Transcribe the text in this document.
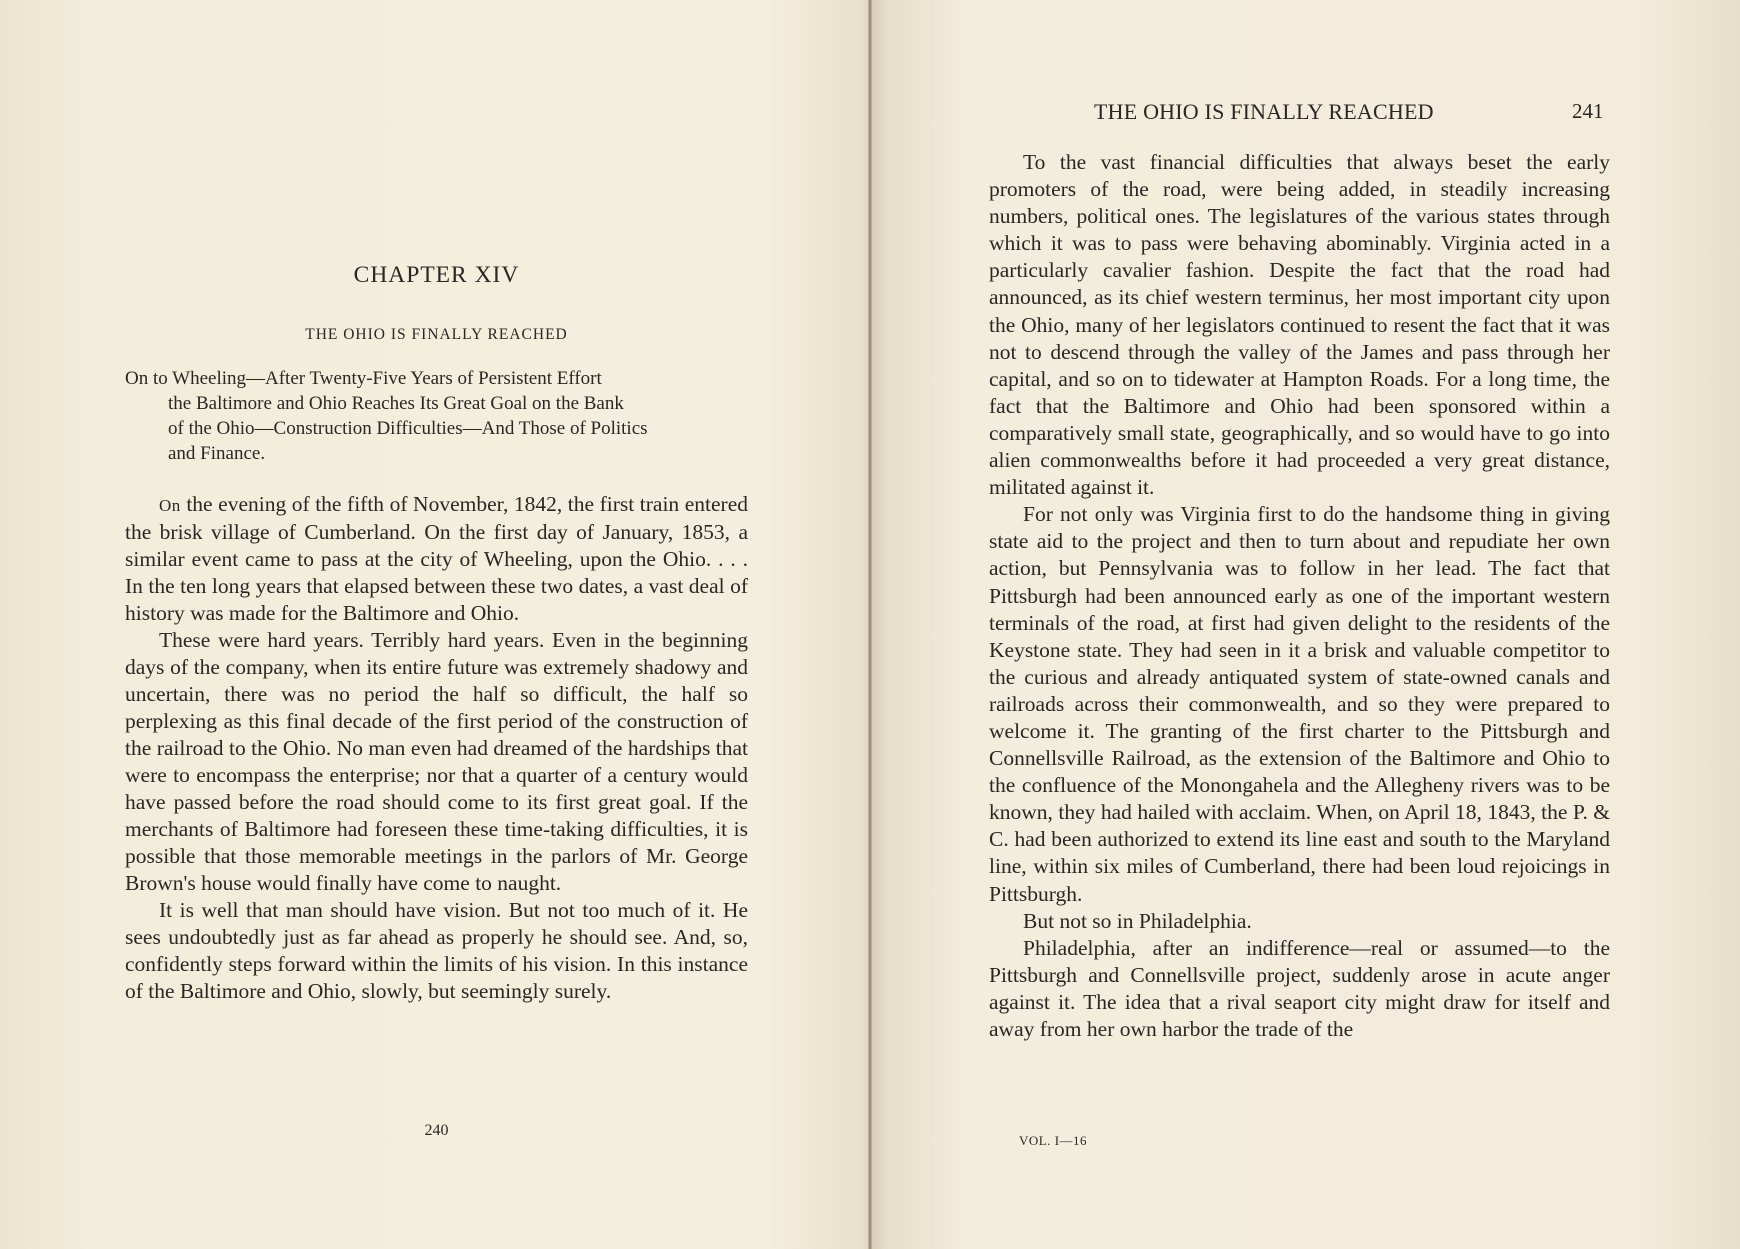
CHAPTER XIV
THE OHIO IS FINALLY REACHED
On to Wheeling—After Twenty-Five Years of Persistent Effort
the Baltimore and Ohio Reaches Its Great Goal on the Bank
of the Ohio—Construction Difficulties—And Those of Politics
and Finance.

On the evening of the fifth of November, 1842, the first train entered the brisk village of Cumberland. On the first day of January, 1853, a similar event came to pass at the city of Wheeling, upon the Ohio. . . . In the ten long years that elapsed between these two dates, a vast deal of history was made for the Baltimore and Ohio.

These were hard years. Terribly hard years. Even in the beginning days of the company, when its entire future was extremely shadowy and uncertain, there was no period the half so difficult, the half so perplexing as this final decade of the first period of the construction of the railroad to the Ohio. No man even had dreamed of the hardships that were to encompass the enterprise; nor that a quarter of a century would have passed before the road should come to its first great goal. If the merchants of Baltimore had foreseen these time-taking difficulties, it is possible that those memorable meetings in the parlors of Mr. George Brown's house would finally have come to naught.

It is well that man should have vision. But not too much of it. He sees undoubtedly just as far ahead as properly he should see. And, so, confidently steps forward within the limits of his vision. In this instance of the Baltimore and Ohio, slowly, but seemingly surely.

240
THE OHIO IS FINALLY REACHED	241

To the vast financial difficulties that always beset the early promoters of the road, were being added, in steadily increasing numbers, political ones. The legislatures of the various states through which it was to pass were behaving abominably. Virginia acted in a particularly cavalier fashion. Despite the fact that the road had announced, as its chief western terminus, her most important city upon the Ohio, many of her legislators continued to resent the fact that it was not to descend through the valley of the James and pass through her capital, and so on to tidewater at Hampton Roads. For a long time, the fact that the Baltimore and Ohio had been sponsored within a comparatively small state, geographically, and so would have to go into alien commonwealths before it had proceeded a very great distance, militated against it.

For not only was Virginia first to do the handsome thing in giving state aid to the project and then to turn about and repudiate her own action, but Pennsylvania was to follow in her lead. The fact that Pittsburgh had been announced early as one of the important western terminals of the road, at first had given delight to the residents of the Keystone state. They had seen in it a brisk and valuable competitor to the curious and already antiquated system of state-owned canals and railroads across their commonwealth, and so they were prepared to welcome it. The granting of the first charter to the Pittsburgh and Connellsville Railroad, as the extension of the Baltimore and Ohio to the confluence of the Monongahela and the Allegheny rivers was to be known, they had hailed with acclaim. When, on April 18, 1843, the P. & C. had been authorized to extend its line east and south to the Maryland line, within six miles of Cumberland, there had been loud rejoicings in Pittsburgh.

But not so in Philadelphia.

Philadelphia, after an indifference—real or assumed—to the Pittsburgh and Connellsville project, suddenly arose in acute anger against it. The idea that a rival seaport city might draw for itself and away from her own harbor the trade of the

VOL. I—16
